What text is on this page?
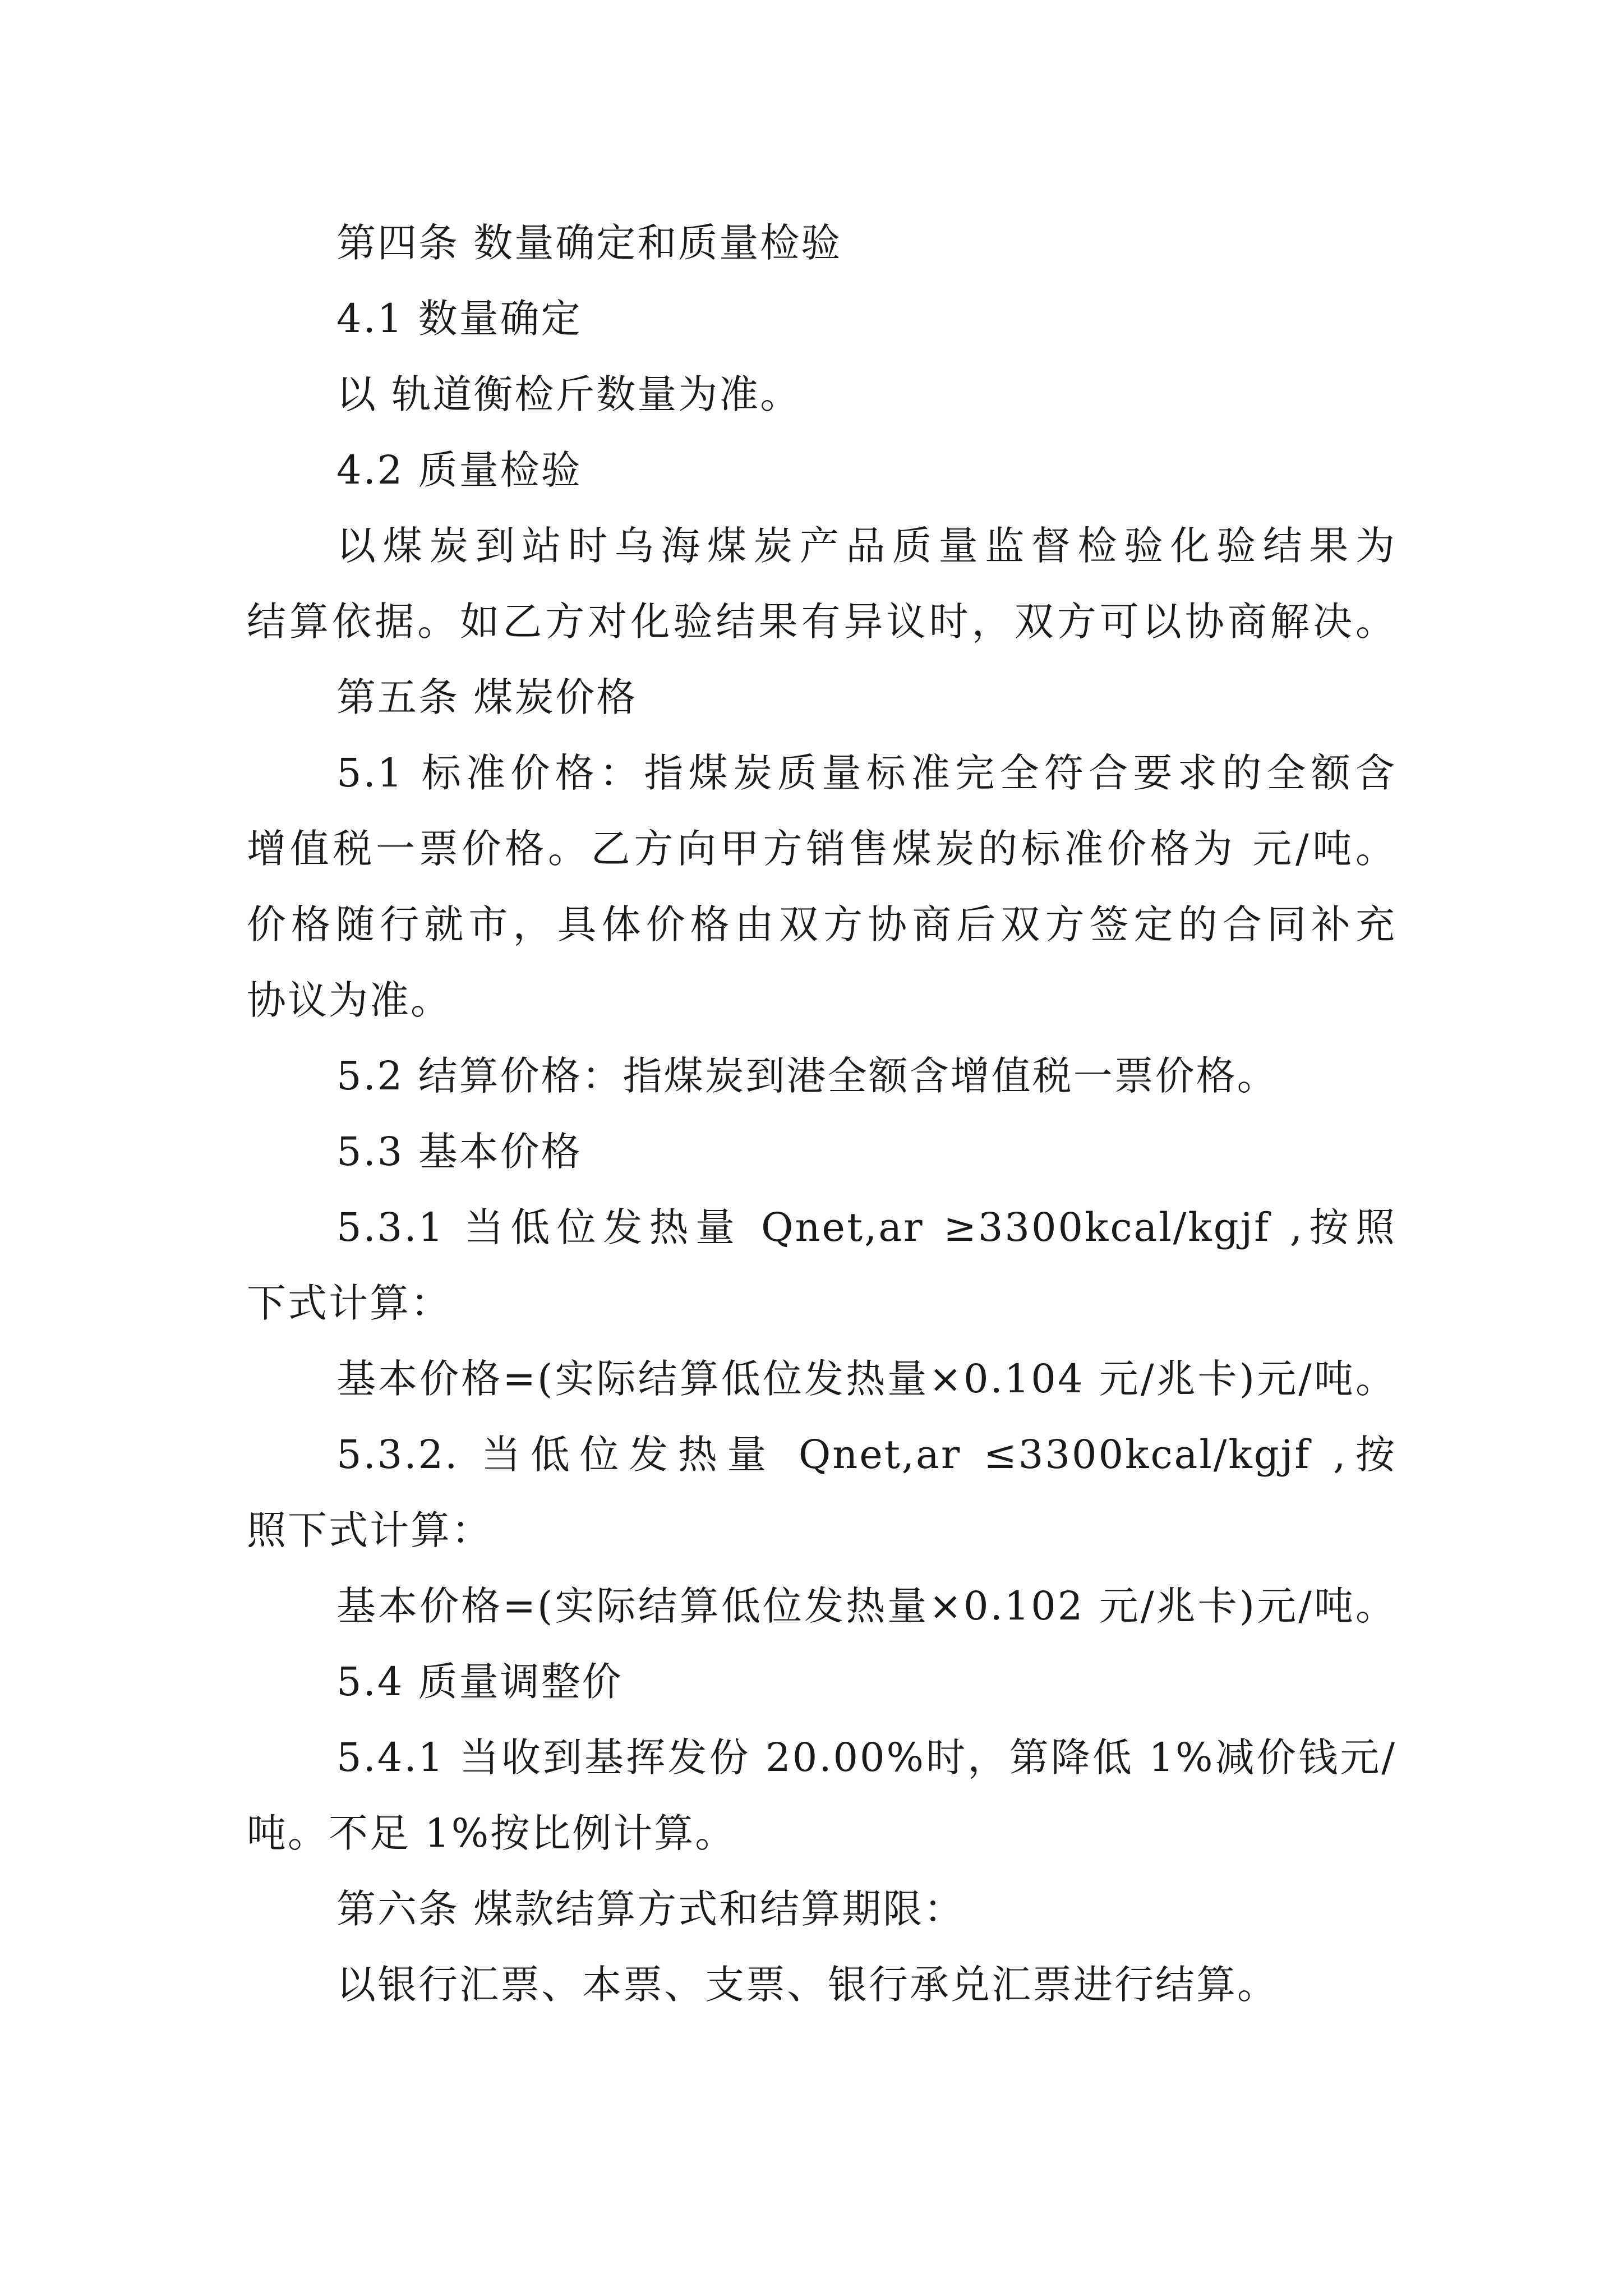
第四条 数量确定和质量检验
4.1 数量确定
以 轨道衡检斤数量为准。
4.2 质量检验
以煤炭到站时乌海煤炭产品质量监督检验化验结果为
结算依据。如乙方对化验结果有异议时，双方可以协商解决。
第五条 煤炭价格
5.1 标准价格：指煤炭质量标准完全符合要求的全额含
增值税一票价格。乙方向甲方销售煤炭的标准价格为 元/吨。
价格随行就市，具体价格由双方协商后双方签定的合同补充
协议为准。
5.2 结算价格：指煤炭到港全额含增值税一票价格。
5.3 基本价格
5.3.1 当低位发热量 Qnet,ar ≥3300kcal/kgjf ,按照
下式计算：
基本价格=(实际结算低位发热量×0.104 元/兆卡)元/吨。
5.3.2. 当低位发热量 Qnet,ar ≤3300kcal/kgjf ,按
照下式计算：
基本价格=(实际结算低位发热量×0.102 元/兆卡)元/吨。
5.4 质量调整价
5.4.1 当收到基挥发份 20.00%时，第降低 1%减价钱元/
吨。不足 1%按比例计算。
第六条 煤款结算方式和结算期限：
以银行汇票、本票、支票、银行承兑汇票进行结算。
